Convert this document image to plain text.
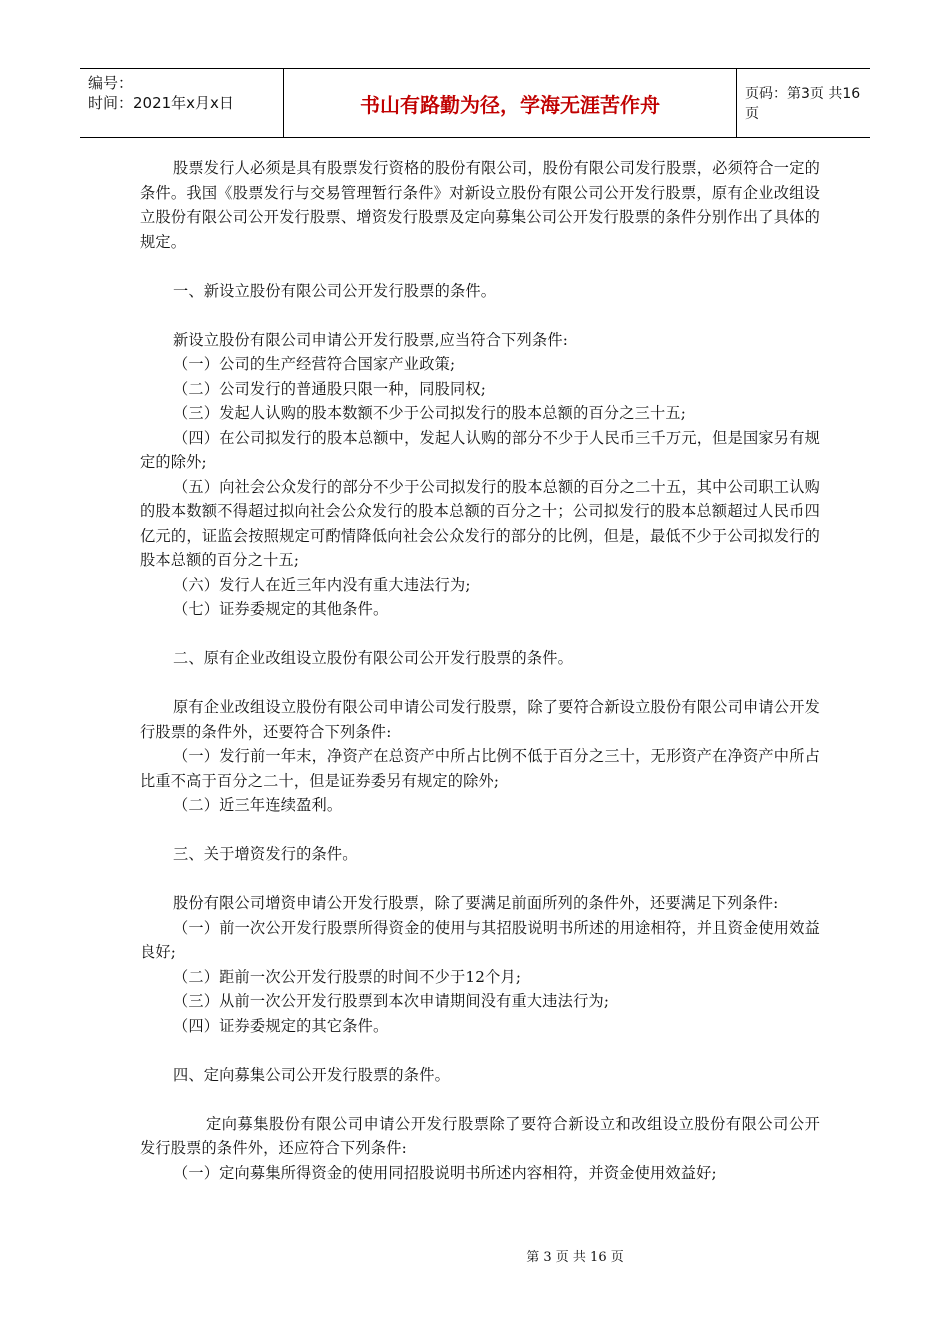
编号：
时间：2021年x月x日	书山有路勤为径，学海无涯苦作舟	页码：第3页 共16页

股票发行人必须是具有股票发行资格的股份有限公司，股份有限公司发行股票，必须符合一定的条件。我国《股票发行与交易管理暂行条件》对新设立股份有限公司公开发行股票，原有企业改组设立股份有限公司公开发行股票、增资发行股票及定向募集公司公开发行股票的条件分别作出了具体的规定。

一、新设立股份有限公司公开发行股票的条件。

新设立股份有限公司申请公开发行股票,应当符合下列条件:

（一）公司的生产经营符合国家产业政策;

（二）公司发行的普通股只限一种，同股同权;

（三）发起人认购的股本数额不少于公司拟发行的股本总额的百分之三十五;

（四）在公司拟发行的股本总额中，发起人认购的部分不少于人民币三千万元，但是国家另有规定的除外;

（五）向社会公众发行的部分不少于公司拟发行的股本总额的百分之二十五，其中公司职工认购的股本数额不得超过拟向社会公众发行的股本总额的百分之十；公司拟发行的股本总额超过人民币四亿元的，证监会按照规定可酌情降低向社会公众发行的部分的比例，但是，最低不少于公司拟发行的股本总额的百分之十五;

（六）发行人在近三年内没有重大违法行为;

（七）证券委规定的其他条件。

二、原有企业改组设立股份有限公司公开发行股票的条件。

原有企业改组设立股份有限公司申请公司发行股票，除了要符合新设立股份有限公司申请公开发行股票的条件外，还要符合下列条件:

（一）发行前一年末，净资产在总资产中所占比例不低于百分之三十，无形资产在净资产中所占比重不高于百分之二十，但是证券委另有规定的除外;

（二）近三年连续盈利。

三、关于增资发行的条件。

股份有限公司增资申请公开发行股票，除了要满足前面所列的条件外，还要满足下列条件:

（一）前一次公开发行股票所得资金的使用与其招股说明书所述的用途相符，并且资金使用效益良好;

（二）距前一次公开发行股票的时间不少于12个月;

（三）从前一次公开发行股票到本次申请期间没有重大违法行为;

（四）证券委规定的其它条件。

四、定向募集公司公开发行股票的条件。

定向募集股份有限公司申请公开发行股票除了要符合新设立和改组设立股份有限公司公开发行股票的条件外，还应符合下列条件:

（一）定向募集所得资金的使用同招股说明书所述内容相符，并资金使用效益好;

第 3 页 共 16 页
